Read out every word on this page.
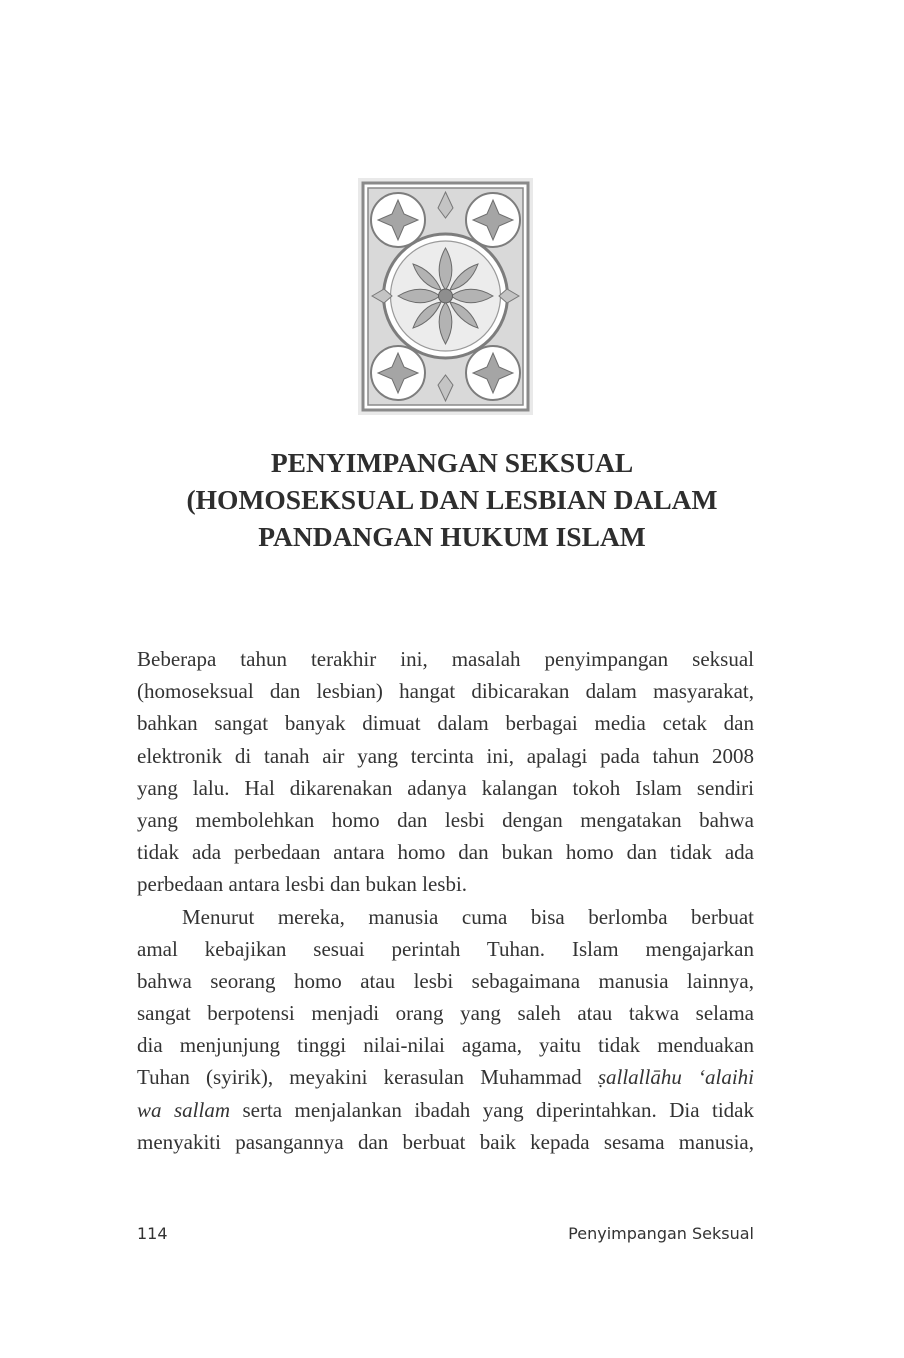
PENYIMPANGAN SEKSUAL
(HOMOSEKSUAL DAN LESBIAN DALAM
PANDANGAN HUKUM ISLAM
Beberapa tahun terakhir ini, masalah penyimpangan seksual
(homoseksual dan lesbian) hangat dibicarakan dalam masyarakat,
bahkan sangat banyak dimuat dalam berbagai media cetak dan
elektronik di tanah air yang tercinta ini, apalagi pada tahun 2008
yang lalu. Hal dikarenakan adanya kalangan tokoh Islam sendiri
yang membolehkan homo dan lesbi dengan mengatakan bahwa
tidak ada perbedaan antara homo dan bukan homo dan tidak ada
perbedaan antara lesbi dan bukan lesbi.
Menurut mereka, manusia cuma bisa berlomba berbuat
amal kebajikan sesuai perintah Tuhan. Islam mengajarkan
bahwa seorang homo atau lesbi sebagaimana manusia lainnya,
sangat berpotensi menjadi orang yang saleh atau takwa selama
dia menjunjung tinggi nilai-nilai agama, yaitu tidak menduakan
Tuhan (syirik), meyakini kerasulan Muhammad ṣallallāhu ‘alaihi
wa sallam serta menjalankan ibadah yang diperintahkan. Dia tidak
menyakiti pasangannya dan berbuat baik kepada sesama manusia,
114	Penyimpangan Seksual
